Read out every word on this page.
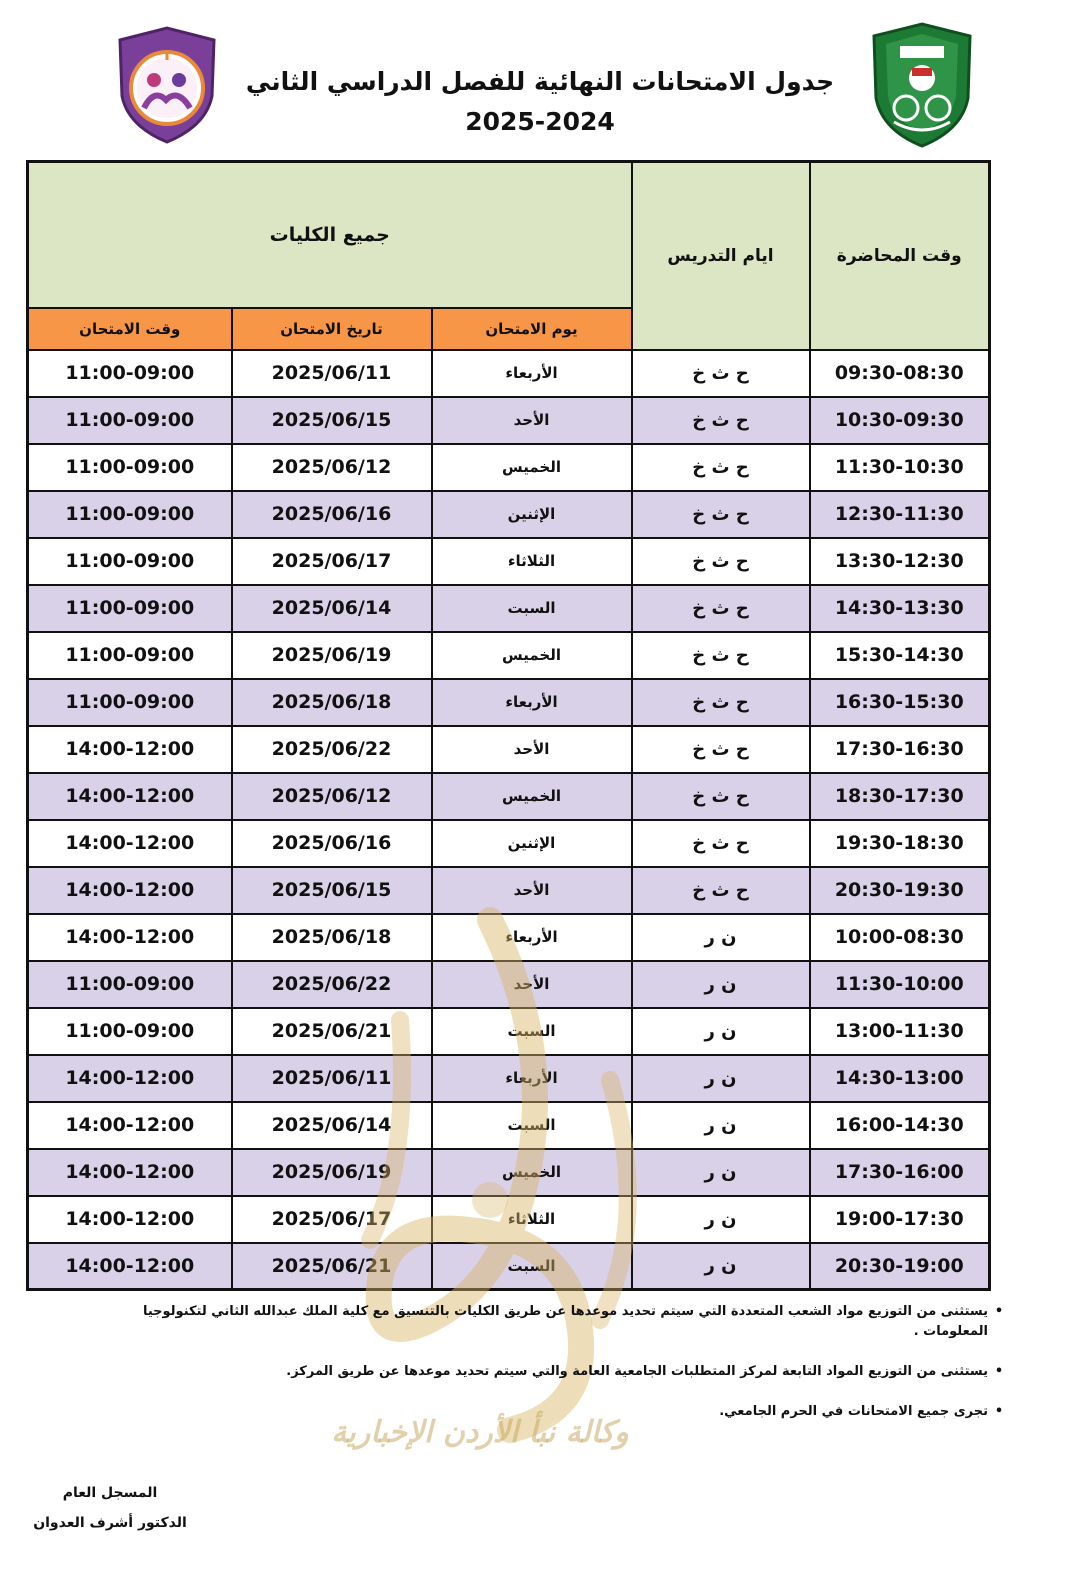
جدول الامتحانات النهائية للفصل الدراسي الثاني 2024-2025
وقت المحاضرة	ايام التدريس	جميع الكليات		
		يوم الامتحان	تاريخ الامتحان	وقت الامتحان
09:30-08:30	ح ث خ	الأربعاء	2025/06/11	11:00-09:00
10:30-09:30	ح ث خ	الأحد	2025/06/15	11:00-09:00
11:30-10:30	ح ث خ	الخميس	2025/06/12	11:00-09:00
12:30-11:30	ح ث خ	الإثنين	2025/06/16	11:00-09:00
13:30-12:30	ح ث خ	الثلاثاء	2025/06/17	11:00-09:00
14:30-13:30	ح ث خ	السبت	2025/06/14	11:00-09:00
15:30-14:30	ح ث خ	الخميس	2025/06/19	11:00-09:00
16:30-15:30	ح ث خ	الأربعاء	2025/06/18	11:00-09:00
17:30-16:30	ح ث خ	الأحد	2025/06/22	14:00-12:00
18:30-17:30	ح ث خ	الخميس	2025/06/12	14:00-12:00
19:30-18:30	ح ث خ	الإثنين	2025/06/16	14:00-12:00
20:30-19:30	ح ث خ	الأحد	2025/06/15	14:00-12:00
10:00-08:30	ن ر	الأربعاء	2025/06/18	14:00-12:00
11:30-10:00	ن ر	الأحد	2025/06/22	11:00-09:00
13:00-11:30	ن ر	السبت	2025/06/21	11:00-09:00
14:30-13:00	ن ر	الأربعاء	2025/06/11	14:00-12:00
16:00-14:30	ن ر	السبت	2025/06/14	14:00-12:00
17:30-16:00	ن ر	الخميس	2025/06/19	14:00-12:00
19:00-17:30	ن ر	الثلاثاء	2025/06/17	14:00-12:00
20:30-19:00	ن ر	السبت	2025/06/21	14:00-12:00
وكالة نبأ الأردن الإخبارية
•
يستثنى من التوزيع مواد الشعب المتعددة التي سيتم تحديد موعدها عن طريق الكليات بالتنسيق مع كلية الملك عبدالله الثاني لتكنولوجيا المعلومات .
•
يستثنى من التوزيع المواد التابعة لمركز المتطلبات الجامعية العامة والتي سيتم تحديد موعدها عن طريق المركز.
•
تجرى جميع الامتحانات في الحرم الجامعي.
المسجل العام
الدكتور أشرف العدوان
